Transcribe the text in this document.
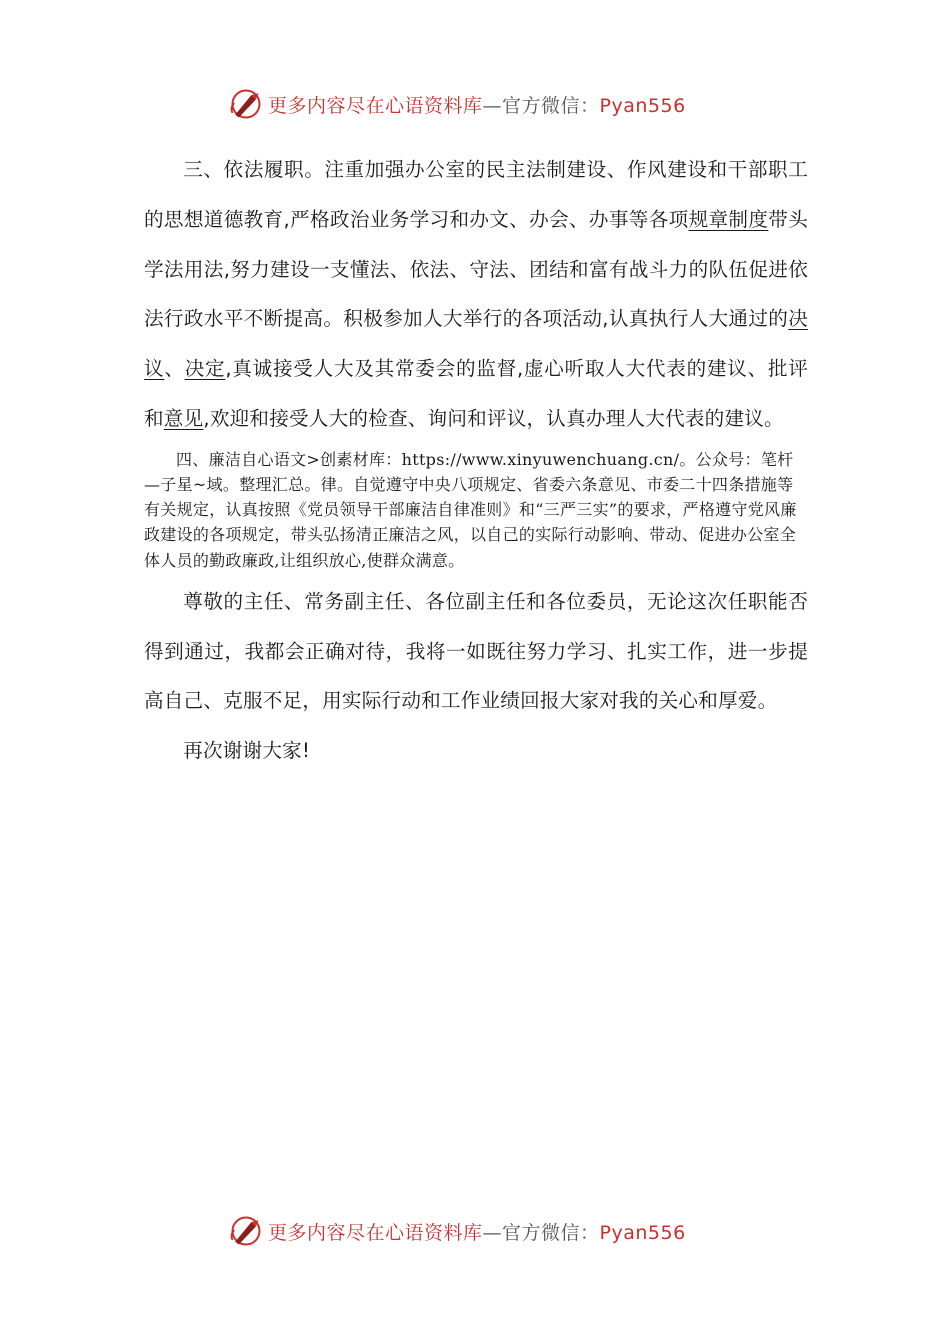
更多内容尽在心语资料库—官方微信：Pyan556

三、依法履职。注重加强办公室的民主法制建设、作风建设和干部职工的思想道德教育,严格政治业务学习和办文、办会、办事等各项规章制度带头学法用法,努力建设一支懂法、依法、守法、团结和富有战斗力的队伍促进依法行政水平不断提高。积极参加人大举行的各项活动,认真执行人大通过的决议、决定,真诚接受人大及其常委会的监督,虚心听取人大代表的建议、批评和意见,欢迎和接受人大的检查、询问和评议，认真办理人大代表的建议。

四、廉洁自心语文>创素材库：https://www.xinyuwenchuang.cn/。公众号：笔杆—子星~域。整理汇总。律。自觉遵守中央八项规定、省委六条意见、市委二十四条措施等有关规定，认真按照《党员领导干部廉洁自律准则》和“三严三实”的要求，严格遵守党风廉政建设的各项规定，带头弘扬清正廉洁之风，以自己的实际行动影响、带动、促进办公室全体人员的勤政廉政,让组织放心,使群众满意。

尊敬的主任、常务副主任、各位副主任和各位委员，无论这次任职能否得到通过，我都会正确对待，我将一如既往努力学习、扎实工作，进一步提高自己、克服不足，用实际行动和工作业绩回报大家对我的关心和厚爱。

再次谢谢大家!

更多内容尽在心语资料库—官方微信：Pyan556
